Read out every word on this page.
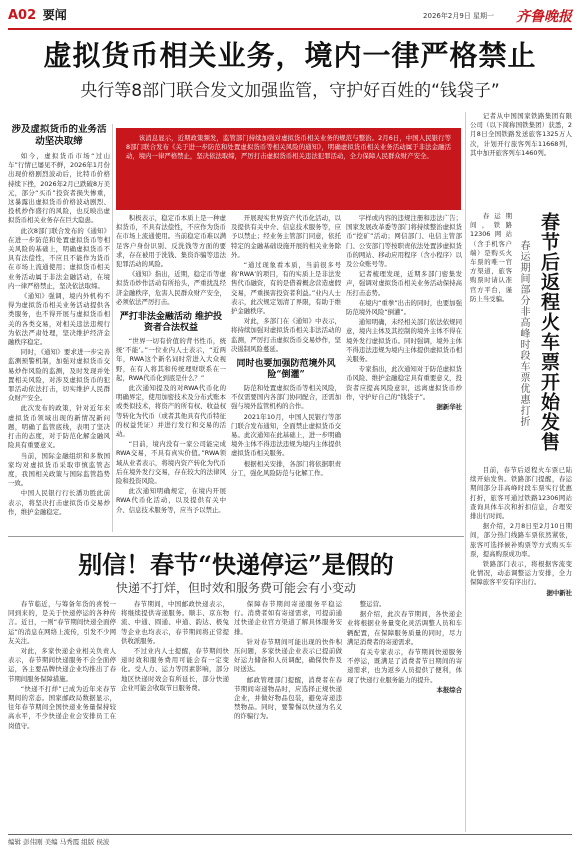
A02 要闻	2026年2月9日 星期一 齐鲁晚报
虚拟货币相关业务，境内一律严格禁止
央行等8部门联合发文加强监管，守护好百姓的“钱袋子”
涉及虚拟货币的业务活动坚决取缔

如今，虚拟货币市场“过山车”行情已屡见不鲜，2026年1月份出现价格剧烈波动后，比特币价格持续下挫，2026年2月已跌破8万美元，部分“买币”投资者损失惨重，这暴露出虚拟货币价格波动剧烈、投机炒作盛行的风险，也反映出虚拟货币相关业务存在巨大隐患。

此次8部门联合发布的《通知》在进一步防范和处置虚拟货币等相关风险的基础上，明确虚拟货币不具有法偿性，不应且不能作为货币在市场上流通使用；虚拟货币相关业务活动属于非法金融活动，在境内一律严格禁止，坚决依法取缔。

《通知》强调，境内外机构不得为虚拟货币相关业务活动提供各类服务，也不得开展与虚拟货币相关的各类交易，对相关违法违规行为依法严肃处理，坚决维护经济金融秩序稳定。

同时，《通知》要求进一步完善监测预警机制，加强对虚拟货币交易炒作风险的监测，及时发现并处置相关风险，对涉及虚拟货币的犯罪活动依法打击，切实维护人民群众财产安全。

此次发布的政策，针对近年来虚拟货币领域出现的新情况新问题，明确了监管底线，表明了坚决打击的态度，对于防范化解金融风险具有重要意义。

当前，国际金融组织和多数国家均对虚拟货币采取审慎监管态度，我国相关政策与国际监管趋势一致。

中国人民银行行长潘功胜此前表示，将坚决打击虚拟货币交易炒作，维护金融稳定。

该消息显示，近期政策频发，监管部门持续加强对虚拟货币相关业务的规范与整治。2月6日，中国人民银行等8部门联合发布《关于进一步防范和处置虚拟货币等相关风险的通知》，明确虚拟货币相关业务活动属于非法金融活动，境内一律严格禁止，坚决依法取缔，严厉打击虚拟货币相关违法犯罪活动，全力保障人民群众财产安全。

积极表示，稳定币本质上是一种虚拟货币，不具有法偿性，不应作为货币在市场上流通使用。当前稳定币难以满足客户身份识别、反洗钱等方面的要求，存在被用于洗钱、集资诈骗等违法犯罪活动的风险。

《通知》指出，近期，稳定币等虚拟货币炒作活动有所抬头，严重扰乱经济金融秩序，危害人民群众财产安全，必须依法严厉打击。

严打非法金融活动 维护投资者合法权益

“世界一切有价值的背书性币，统统‘不能’。”一位业内人士表示，“近两年，RWA这个新名词时常进入大众视野，在有人将其和传统理财联系在一起，RWA代币化到底是什么？”

此次通知提及的对RWA代币化的明确界定，使用加密技术及分布式账本或类似技术，将资产的所有权、收益权等转化为代币（或者其他具有代币特征的权益凭证）并进行发行和交易的活动。

“目前，境内没有一家公司能完成RWA交易，不具有真实价值。”RWA领域从业者表示，将境内资产转化为代币后在境外发行交易，存在较大的法律风险和投资风险。

此次通知明确规定，在境内开展RWA代币化活动，以及提供有关中介、信息技术服务等，应当予以禁止。

开展现实世界资产代币化活动，以及提供有关中介、信息技术服务等，应予以禁止；经业务主管部门同意，依托特定的金融基础设施开展的相关业务除外。

“通过现象看本质，当前很多号称‘RWA’的项目，有的实质上是非法发售代币融资，有的是借着概念营造虚假交易，严重损害投资者利益。”业内人士表示，此次规定划清了界限，有助于维护金融秩序。

对此，多部门在《通知》中表示，将持续加强对虚拟货币相关非法活动的监测，严厉打击虚拟货币交易炒作，坚决遏制风险蔓延。

同时也要加强防范境外风险“倒灌”

防范和处置虚拟货币等相关风险，不仅需要国内各部门协同配合，还需加强与境外监管机构的合作。

2021年10月，中国人民银行等部门联合发布通知，全面禁止虚拟货币交易。此次通知在此基础上，进一步明确境外主体不得违法违规为境内主体提供虚拟货币相关服务。

根据相关安排，各部门将依据职责分工，强化风险防范与化解工作。

字样或内容的违规注册和违法广告；国家发展改革委等部门将持续整治虚拟货币“挖矿”活动；网信部门、电信主管部门、公安部门等按职责依法处置涉虚拟货币的网站、移动应用程序（含小程序）以及公众账号等。

记者梳理发现，近期多部门密集发声，强调对虚拟货币相关业务活动保持高压打击态势。

在境内“重拳”出击的同时，也要加强防范境外风险“倒灌”。

通知明确，未经相关部门依法依规同意，境内主体及其控制的境外主体不得在境外发行虚拟货币。同时强调，境外主体不得违法违规为境内主体提供虚拟货币相关服务。

专家指出，此次通知对于防范虚拟货币风险、维护金融稳定具有重要意义，投资者应提高风险意识，远离虚拟货币炒作，守护好自己的“钱袋子”。

据新华社	春节后返程火车票开始发售
春运期间部分非高峰时段车票优惠打折

记者从中国国家铁路集团有限公司（以下简称国铁集团）获悉，2月8日全国铁路发送旅客1325万人次，计划开行旅客列车11668列，其中加开旅客列车1460列。

春运期间，铁路12306网站（含手机客户端）是购买火车票的唯一官方渠道，旅客购票时请认准官方平台，谨防上当受骗。

目前，春节后返程火车票已陆续开始发售。铁路部门提醒，春运期间部分非高峰时段车票实行优惠打折，旅客可通过铁路12306网站查询具体车次和折扣信息，合理安排出行时间。

据介绍，2月8日至2月10日期间，部分热门线路车票依然紧张，旅客可选择候补购票等方式购买车票，提高购票成功率。

铁路部门表示，将根据客流变化情况，动态调整运力安排，全力保障旅客平安有序出行。

据中新社
别信！春节“快递停运”是假的
快递不打烊，但时效和服务费可能会有小变动

春节临近，与筹备年货的喜悦一同到来的，是关于快递停运的各种传言。近日，一则“春节期间快递全面停运”的消息在网络上流传，引发不少网友关注。

对此，多家快递企业相关负责人表示，春节期间快递服务不会全面停运，各主要品牌快递企业均推出了春节期间服务保障措施。

“快递不打烊”已成为近年来春节期间的常态。国家邮政局数据显示，往年春节期间全国快递业务量保持较高水平，不少快递企业会安排员工在岗值守。

春节期间，中国邮政快递表示，将继续提供寄递服务。顺丰、京东物流、中通、圆通、申通、韵达、极兔等企业也均表示，春节期间将正常提供收派服务。

不过业内人士提醒，春节期间快递时效和服务费用可能会有一定变化。受人力、运力等因素影响，部分地区快递时效会有所延长，部分快递企业可能会收取节日服务费。

保障春节期间寄递服务平稳运行。消费者如有寄递需求，可提前通过快递企业官方渠道了解具体服务安排。

针对春节期间可能出现的快件积压问题，多家快递企业表示已提前做好运力储备和人员调配，确保快件及时送达。

邮政管理部门提醒，消费者在春节期间寄递物品时，应选择正规快递企业，并做好物品包装，避免寄递违禁物品。同时，要警惕以快递为名义的诈骗行为。

整运营。

据介绍，此次春节期间，各快递企业将根据业务量变化灵活调整人员和车辆配置，在保障服务质量的同时，尽力满足消费者的寄递需求。

有关专家表示，春节期间快递服务不停运，既满足了消费者节日期间的寄递需求，也为返乡人员提供了便利，体现了快递行业服务能力的提升。

本报综合
编辑 彭伟刚 美编 马秀霞 组版 侯波
